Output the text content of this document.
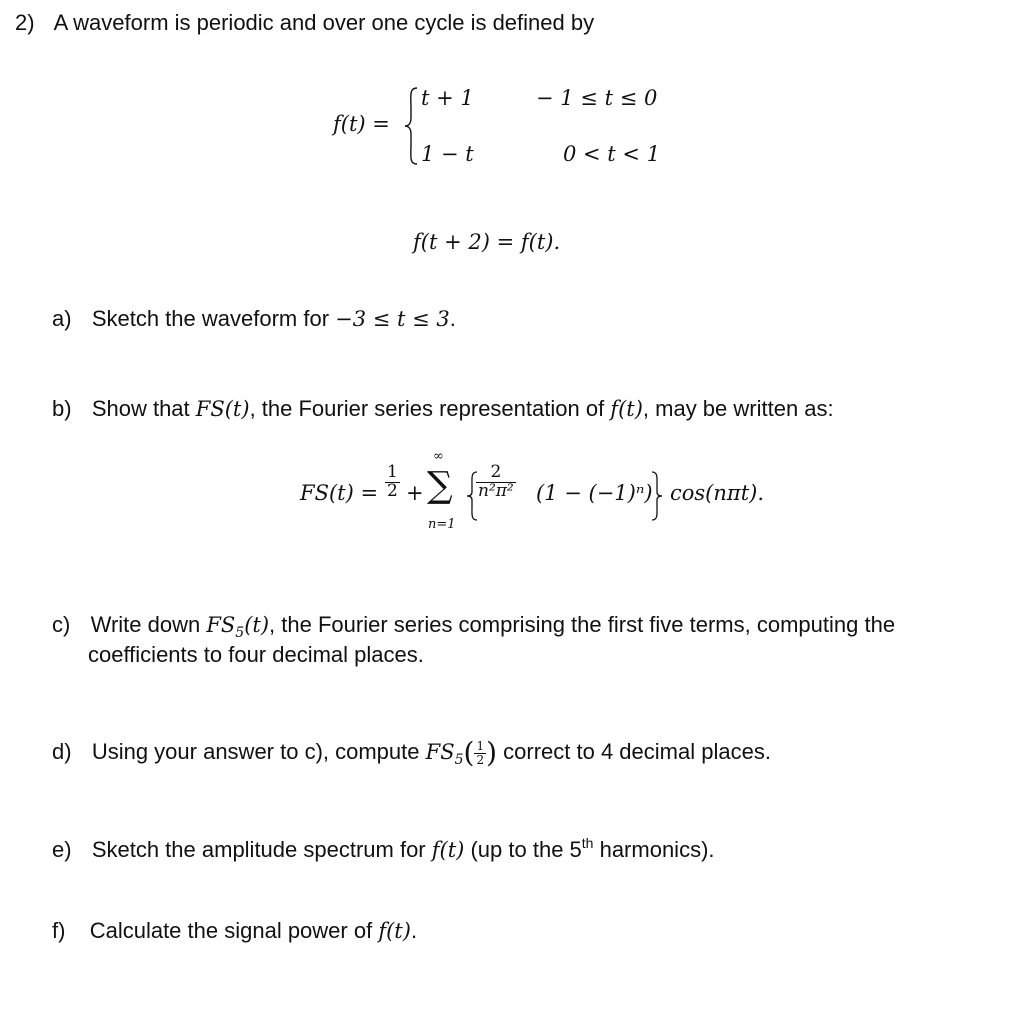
2) A waveform is periodic and over one cycle is defined by
f(t) =
t + 1	− 1 ≤ t ≤ 0
1 − t	0 < t < 1
f(t + 2) = f(t).
a) Sketch the waveform for −3 ≤ t ≤ 3.
b) Show that FS(t), the Fourier series representation of f(t), may be written as:
$FS(t) = \frac{1}{2}$ +
∞
∑
n=1
$\frac{2}{\text{n²π²}} (1 - (-1)^n)$ cos(nπt).
c) Write down $FS_5(t)$, the Fourier series comprising the first five terms, computing the
coefficients to four decimal places.
d) Using your answer to c), compute $FS_5( \frac{1}{2}$ ) correct to 4 decimal places.
e) Sketch the amplitude spectrum for f(t) (up to the 5th harmonics).
f) Calculate the signal power of f(t).
